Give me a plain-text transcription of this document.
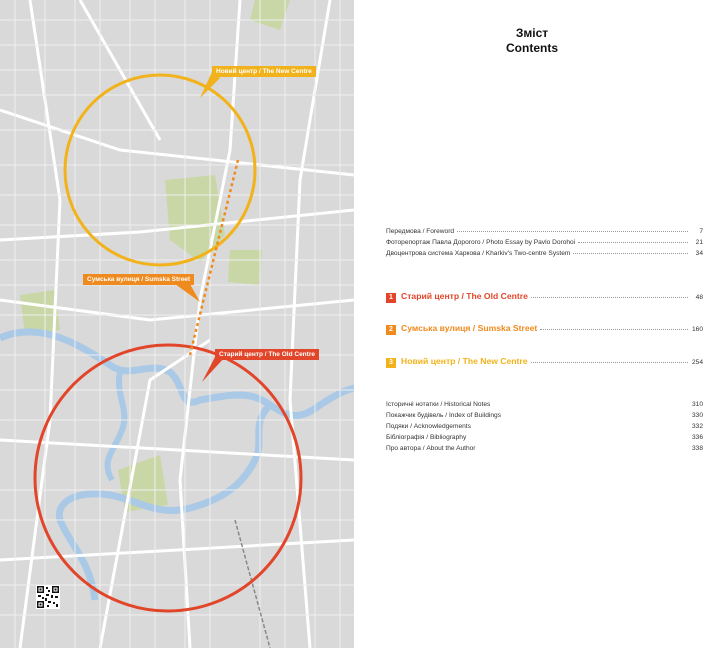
Новий центр / The New Centre
Сумська вулиця / Sumska Street
Старий центр / The Old Centre
Зміст
Contents
Передмова / Foreword	7
Фоторепортаж Павла Дорогого / Photo Essay by Pavlo Dorohoi	21
Двоцентрова система Харкова / Kharkiv's Two-centre System	34
1 Старий центр / The Old Centre	48
2 Сумська вулиця / Sumska Street	160
3 Новий центр / The New Centre	254
Історичні нотатки / Historical Notes	310
Покажчик будівель / Index of Buildings	330
Подяки / Acknowledgements	332
Бібліографія / Bibliography	336
Про автора / About the Author	338
